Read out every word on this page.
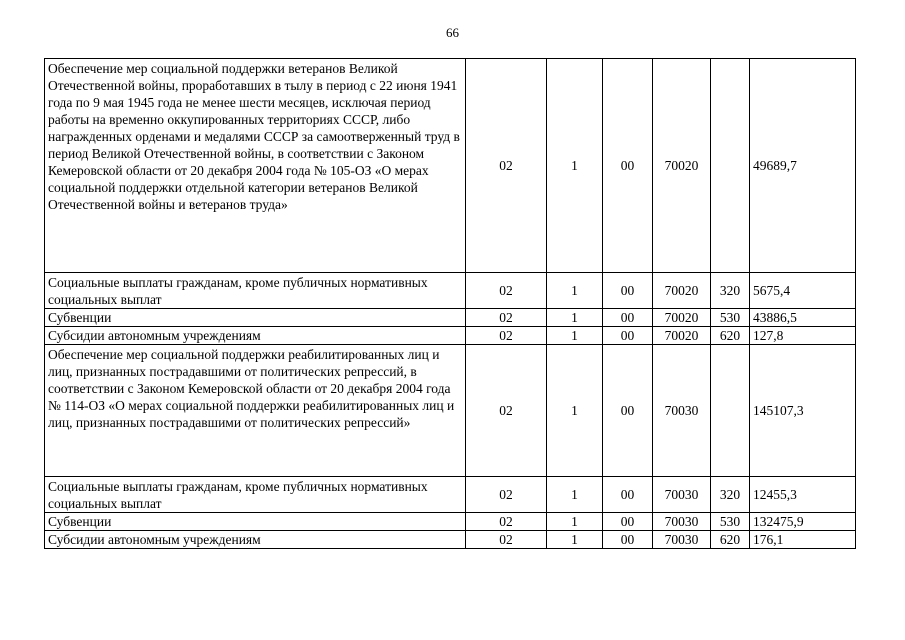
66
Обеспечение мер социальной поддержки ветеранов Великой Отечественной войны, проработавших в тылу в период с 22 июня 1941 года по 9 мая 1945 года не менее шести месяцев, исключая период работы на временно оккупированных территориях СССР, либо награжденных орденами и медалями СССР за самоотверженный труд в период Великой Отечественной войны, в соответствии с Законом Кемеровской области от 20 декабря 2004 года № 105-ОЗ «О мерах социальной поддержки отдельной категории ветеранов Великой Отечественной войны и ветеранов труда»	02	1	00	70020		49689,7
Социальные выплаты гражданам, кроме публичных нормативных социальных выплат	02	1	00	70020	320	5675,4
Субвенции	02	1	00	70020	530	43886,5
Субсидии автономным учреждениям	02	1	00	70020	620	127,8
Обеспечение мер социальной поддержки реабилитированных лиц и лиц, признанных пострадавшими от политических репрессий, в соответствии с Законом Кемеровской области от 20 декабря 2004 года № 114-ОЗ «О мерах социальной поддержки реабилитированных лиц и лиц, признанных пострадавшими от политических репрессий»	02	1	00	70030		145107,3
Социальные выплаты гражданам, кроме публичных нормативных социальных выплат	02	1	00	70030	320	12455,3
Субвенции	02	1	00	70030	530	132475,9
Субсидии автономным учреждениям	02	1	00	70030	620	176,1
